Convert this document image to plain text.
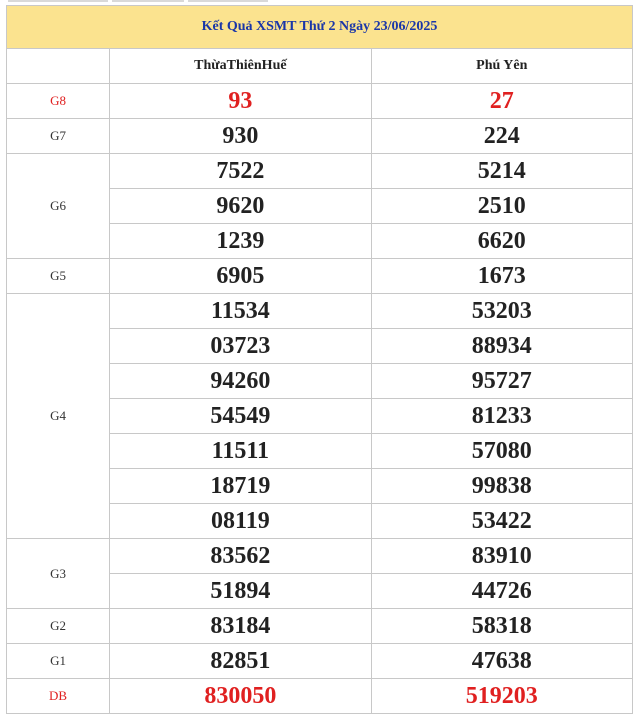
Kết Quả XSMT Thứ 2 Ngày 23/06/2025		
	ThừaThiênHuế	Phú Yên
G8	93	27
G7	930	224
G6	7522	5214
	9620	2510
	1239	6620
G5	6905	1673
G4	11534	53203
	03723	88934
	94260	95727
	54549	81233
	11511	57080
	18719	99838
	08119	53422
G3	83562	83910
	51894	44726
G2	83184	58318
G1	82851	47638
DB	830050	519203
